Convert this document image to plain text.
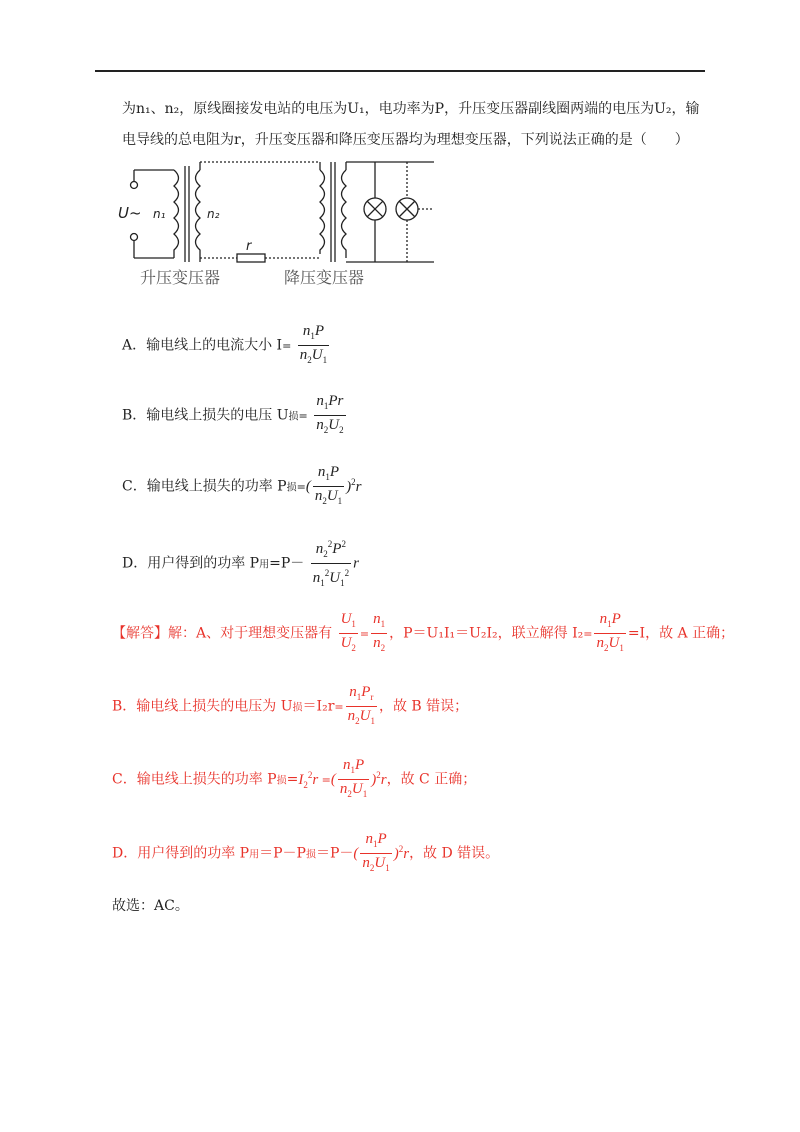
为n₁、n₂，原线圈接发电站的电压为U₁，电功率为P，升压变压器副线圈两端的电压为U₂，输
电导线的总电阻为r，升压变压器和降压变压器均为理想变压器，下列说法正确的是（　　）
U~ n₁	n₂
r
升压变压器	降压变压器
A．输电线上的电流大小 $I= \frac{n_1P}{n_2U_1}$
B．输电线上损失的电压 U损= $\frac{n_1Pr}{n_2U_2}$
C．输电线上损失的功率 P损=( $\frac{n_1P}{n_2U_1} )^2r$
D．用户得到的功率 P用$=P- \frac{n_2^2P^2}{n_1^2U_1^2}$ r
【解答】解：A、对于理想变压器有 $\frac{U_1}{U_2} = \frac{n_1}{n_2}$ ，P＝U₁I₁＝U₂I₂，联立解得 $I_2= \frac{n_1P}{n_2U_1} =I$，故 A 正确；
B．输电线上损失的电压为 U损$=I_2r= \frac{n_1P_r}{n_2U_1}$ ，故 B 错误；
C．输电线上损失的功率 P损$=I_2^2r$ =( $\frac{n_1P}{n_2U_1} )^2r$，故 C 正确；
D．用户得到的功率 P用＝P－P损$=P-( \frac{n_1P}{n_2U_1} )^2r$，故 D 错误。
故选：AC。
